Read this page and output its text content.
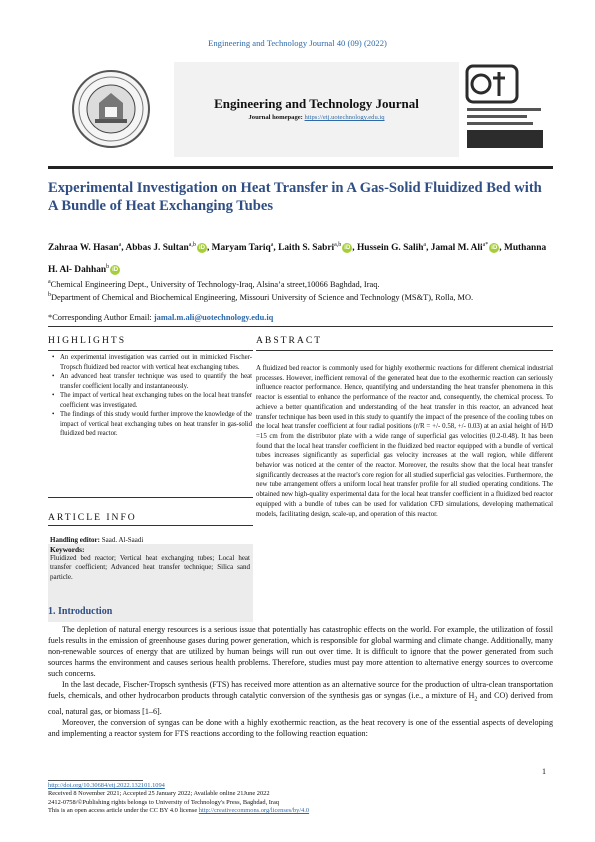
Engineering and Technology Journal 40 (09) (2022)
Engineering and Technology Journal
Journal homepage: https://etj.uotechnology.edu.iq
Experimental Investigation on Heat Transfer in A Gas-Solid Fluidized Bed with A Bundle of Heat Exchanging Tubes
Zahraa W. Hasan$^a$, Abbas J. Sultan$^{a,b}$iD , Maryam Tariq$^a$, Laith S. Sabri$^{a,b}$iD , Hussein G. Salih$^a$, Jamal M. Ali$^{a*}$iD , Muthanna H. Al- Dahhan$^b$iD
$^a$Chemical Engineering Dept., University of Technology-Iraq, Alsina’a street,10066 Baghdad, Iraq.
$^b$Department of Chemical and Biochemical Engineering, Missouri University of Science and Technology (MS&T), Rolla, MO.
*Corresponding Author Email: jamal.m.ali@uotechnology.edu.iq
HIGHLIGHTS	ABSTRACT
• An experimental investigation was carried out in mimicked Fischer-Tropsch fluidized bed reactor with vertical heat exchanging tubes.
• An advanced heat transfer technique was used to quantify the heat transfer coefficient locally and instantaneously.
• The impact of vertical heat exchanging tubes on the local heat transfer coefficient was investigated.
• The findings of this study would further improve the knowledge of the impact of vertical heat exchanging tubes on heat transfer in gas-solid fluidized bed reactor.
ARTICLE INFO
Handling editor: Saad. Al-Saadi
Keywords:
Fluidized bed reactor; Vertical heat exchanging tubes; Local heat transfer coefficient; Advanced heat transfer technique; Silica sand particle.
A fluidized bed reactor is commonly used for highly exothermic reactions for different chemical industrial processes. However, inefficient removal of the generated heat due to the exothermic reaction can seriously influence reactor performance. Hence, quantifying and understanding the heat transfer phenomena in this reactor is essential to enhance the performance of the reactor and, consequently, the chemical process. To achieve a better quantification and understanding of the heat transfer in this reactor, an advanced heat transfer technique has been used in this study to quantify the impact of the presence of the cooling tubes on the local heat transfer coefficient at four radial positions (r/R = +/- 0.58, +/- 0.03) at an axial height of H/D =15 cm from the distributor plate with a wide range of superficial gas velocities (0.2-0.48). It has been found that the local heat transfer coefficient in the fluidized bed reactor equipped with a bundle of vertical tubes increases significantly as superficial gas velocity increases at the wall region, while different behavior was noticed at the center of the reactor. Moreover, the results show that the local heat transfer significantly decreases at the reactor's core region for all studied superficial gas velocities. Furthermore, the new tube arrangement offers a uniform local heat transfer profile for all studied operating conditions. The obtained new high-quality experimental data for the local heat transfer coefficient in a fluidized bed reactor equipped with a bundle of tubes can be used for validation CFD simulations, developing mathematical models, facilitating design, scale-up, and operation of this reactor.
1. Introduction

The depletion of natural energy resources is a serious issue that potentially has catastrophic effects on the world. For example, the utilization of fossil fuels results in the emission of greenhouse gases during power generation, which is responsible for global warming and climate change. Additionally, many non-renewable sources of energy that are utilized by human beings will run out over time. It is difficult to ignore that the power generated from such sources harms the environment and causes serious health problems. Therefore, studies must pay more attention to alternative energy sources to overcome such concerns.

In the last decade, Fischer-Tropsch synthesis (FTS) has received more attention as an alternative source for the production of ultra-clean transportation fuels, chemicals, and other hydrocarbon products through catalytic conversion of the synthesis gas or syngas (i.e., a mixture of $H_2$ and CO) derived from coal, natural gas, or biomass [1–6].

Moreover, the conversion of syngas can be done with a highly exothermic reaction, as the heat recovery is one of the essential aspects of developing and implementing a reactor system for FTS reactions according to the following reaction equation:

1
http://doi.org/10.30684/etj.2022.132101.1094
Received 8 November 2021; Accepted 25 January 2022; Available online 21June 2022
2412-0758/©Publishing rights belongs to University of Technology's Press, Baghdad, Iraq
This is an open access article under the CC BY 4.0 license http://creativecommons.org/licenses/by/4.0
